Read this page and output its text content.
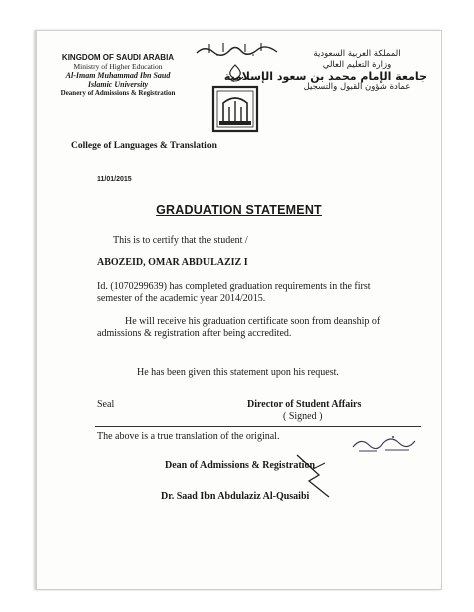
KINGDOM OF SAUDI ARABIA
Ministry of Higher Education
Al-Imam Muhammad Ibn Saud
Islamic University
Deanery of Admissions & Registration
المملكة العربية السعودية
وزارة التعليم العالي
جامعة الإمام محمد بن سعود الإسلامية
عمادة شؤون القبول والتسجيل
College of Languages & Translation
11/01/2015
GRADUATION STATEMENT
This is to certify that the student /
ABOZEID, OMAR ABDULAZIZ I
Id. (1070299639) has completed graduation requirements in the first
semester of the academic year 2014/2015.
He will receive his graduation certificate soon from deanship of
admissions & registration after being accredited.
He has been given this statement upon his request.
Seal	Director of Student Affairs
( Signed )
The above is a true translation of the original.
Dean of Admissions & Registration
Dr. Saad Ibn Abdulaziz Al-Qusaibi
